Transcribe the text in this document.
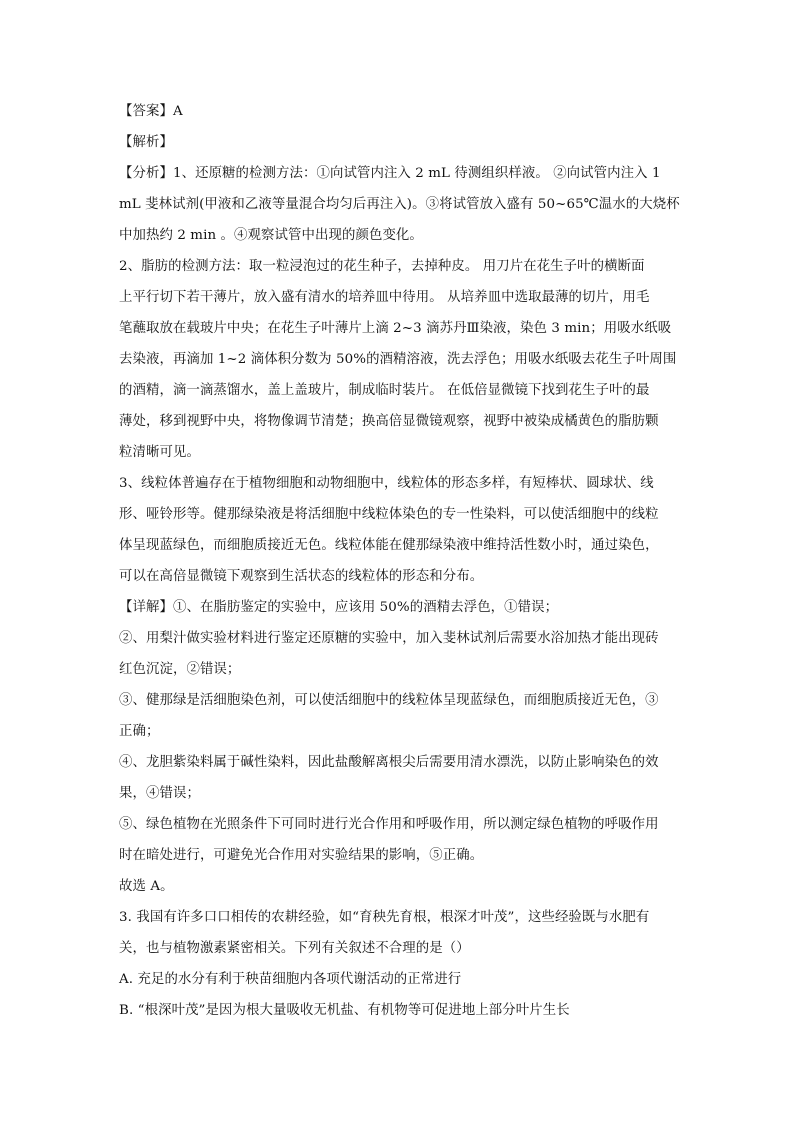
【答案】A

【解析】

【分析】1、还原糖的检测方法：①向试管内注入 2 mL 待测组织样液。 ②向试管内注入 1

mL 斐林试剂(甲液和乙液等量混合均匀后再注入)。③将试管放入盛有 50~65℃温水的大烧杯

中加热约 2 min 。④观察试管中出现的颜色变化。

2、脂肪的检测方法：取一粒浸泡过的花生种子，去掉种皮。 用刀片在花生子叶的横断面

上平行切下若干薄片，放入盛有清水的培养皿中待用。 从培养皿中选取最薄的切片，用毛

笔蘸取放在载玻片中央；在花生子叶薄片上滴 2~3 滴苏丹Ⅲ染液，染色 3 min；用吸水纸吸

去染液，再滴加 1~2 滴体积分数为 50%的酒精溶液，洗去浮色；用吸水纸吸去花生子叶周围

的酒精，滴一滴蒸馏水，盖上盖玻片，制成临时装片。 在低倍显微镜下找到花生子叶的最

薄处，移到视野中央，将物像调节清楚；换高倍显微镜观察，视野中被染成橘黄色的脂肪颗

粒清晰可见。

3、线粒体普遍存在于植物细胞和动物细胞中，线粒体的形态多样，有短棒状、圆球状、线

形、哑铃形等。健那绿染液是将活细胞中线粒体染色的专一性染料，可以使活细胞中的线粒

体呈现蓝绿色，而细胞质接近无色。线粒体能在健那绿染液中维持活性数小时，通过染色，

可以在高倍显微镜下观察到生活状态的线粒体的形态和分布。

【详解】①、在脂肪鉴定的实验中，应该用 50%的酒精去浮色，①错误；

②、用梨汁做实验材料进行鉴定还原糖的实验中，加入斐林试剂后需要水浴加热才能出现砖

红色沉淀，②错误；

③、健那绿是活细胞染色剂，可以使活细胞中的线粒体呈现蓝绿色，而细胞质接近无色，③

正确；

④、龙胆紫染料属于碱性染料，因此盐酸解离根尖后需要用清水漂洗，以防止影响染色的效

果，④错误；

⑤、绿色植物在光照条件下可同时进行光合作用和呼吸作用，所以测定绿色植物的呼吸作用

时在暗处进行，可避免光合作用对实验结果的影响，⑤正确。

故选 A。

3. 我国有许多口口相传的农耕经验，如“育秧先育根，根深才叶茂”，这些经验既与水肥有

关，也与植物激素紧密相关。下列有关叙述不合理的是（）

A. 充足的水分有利于秧苗细胞内各项代谢活动的正常进行

B. “根深叶茂”是因为根大量吸收无机盐、有机物等可促进地上部分叶片生长
